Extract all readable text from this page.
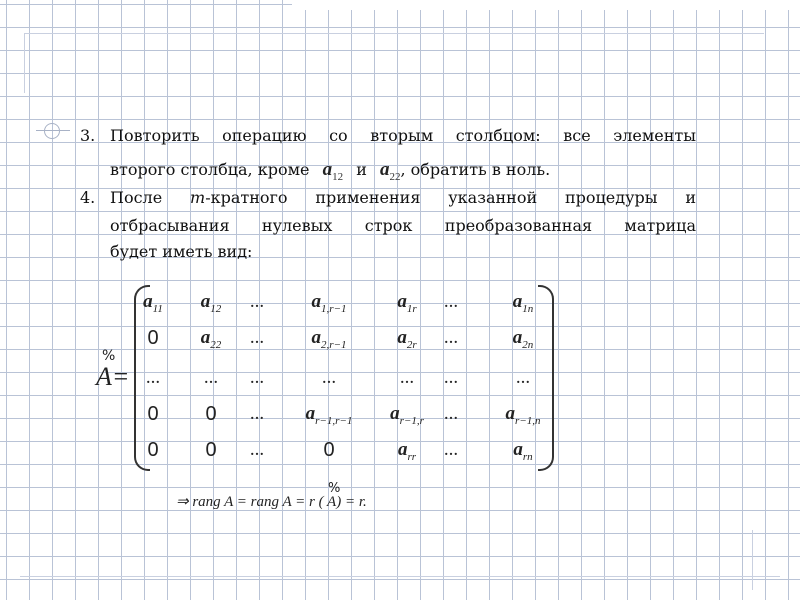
3. Повторить операцию со вторым столбцом: все элементы
второго столбца, кроме $a_{12}$ и $a_{22}$, обратить в ноль.
4. После m-кратного применения указанной процедуры и
отбрасывания нулевых строк преобразованная матрица
будет иметь вид:
%
A=
$a_{11}$	$a_{12}$	...	$a_{1,r-1}$	$a_{1r}$	...	$a_{1n}$
0	$a_{22}$	...	$a_{2,r-1}$	$a_{2r}$	...	$a_{2n}$
...	...	...	...	...	...	...
0	0	...	$a_{r-1,r-1}$	$a_{r-1,r}$	...	$a_{r-1,n}$
0	0	...	0	$a_{rr}$	...	$a_{rn}$
%
⇒ rang A = rang A = r ( A) = r.
